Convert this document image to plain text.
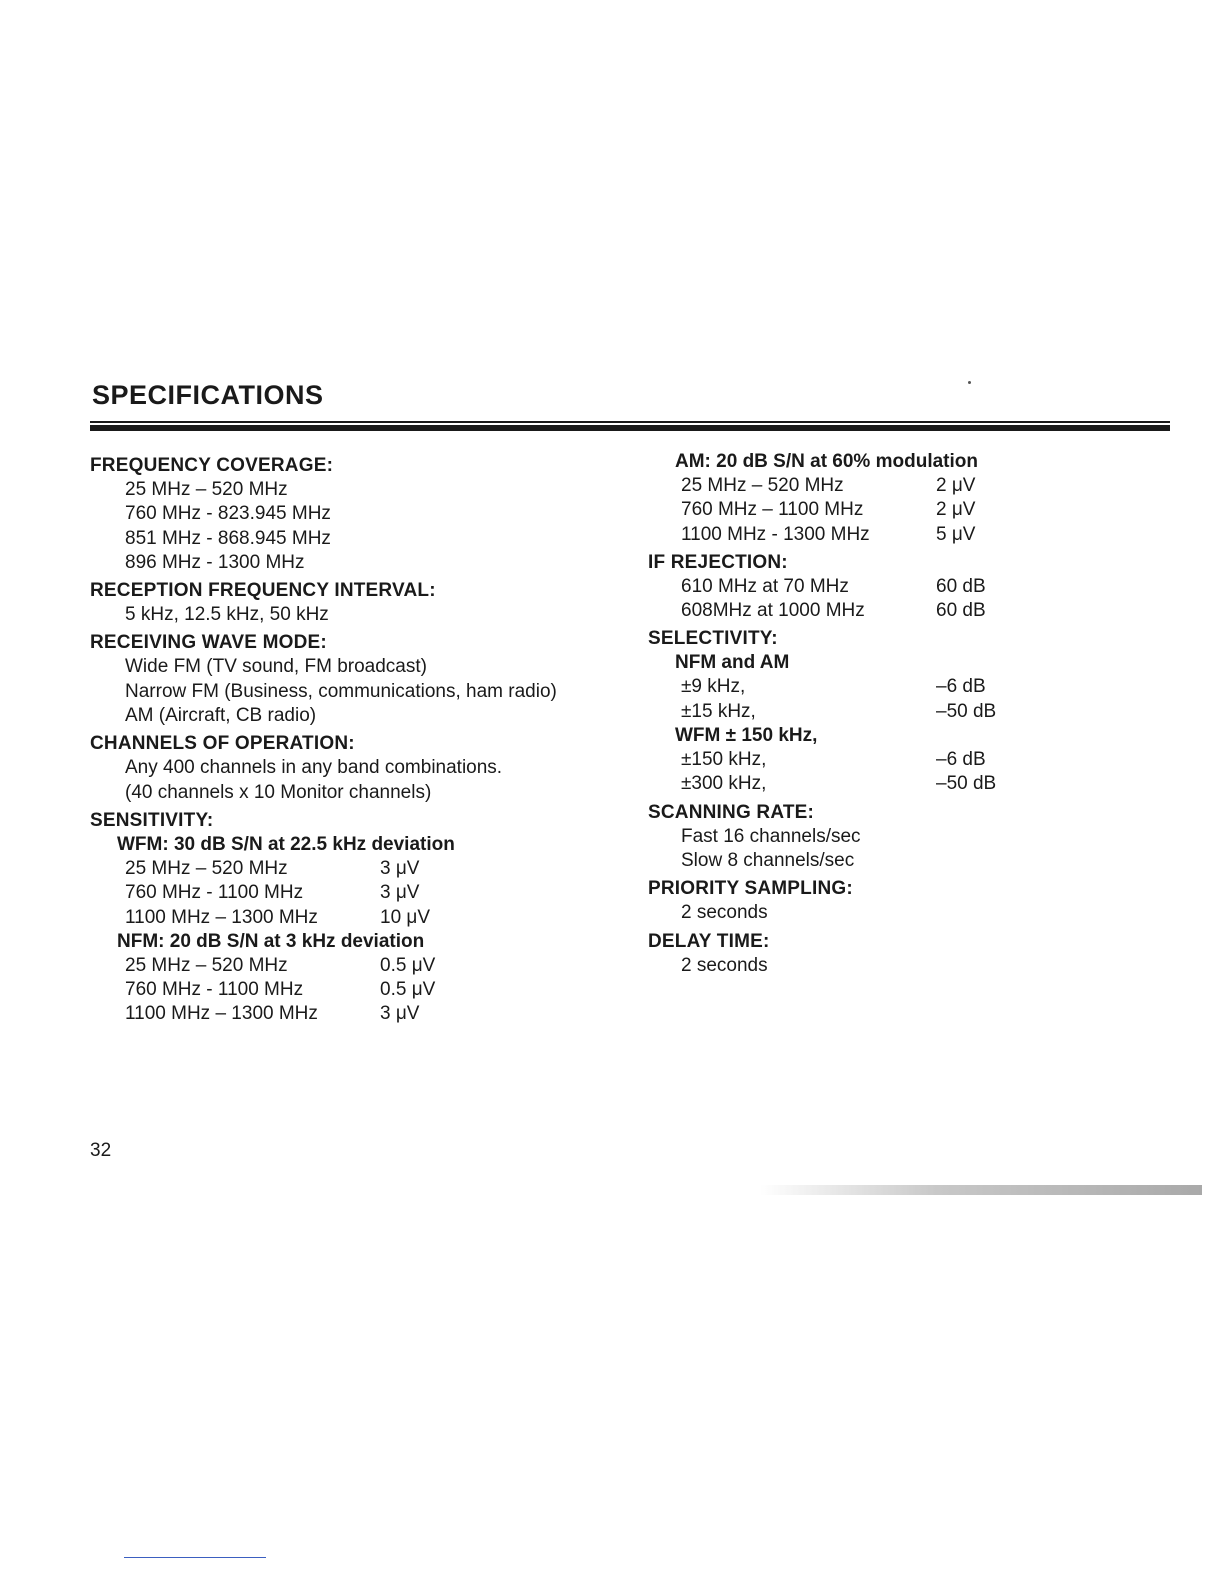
SPECIFICATIONS
FREQUENCY COVERAGE:
25 MHz – 520 MHz
760 MHz - 823.945 MHz
851 MHz - 868.945 MHz
896 MHz - 1300 MHz
RECEPTION FREQUENCY INTERVAL:
5 kHz, 12.5 kHz, 50 kHz
RECEIVING WAVE MODE:
Wide FM (TV sound, FM broadcast)
Narrow FM (Business, communications, ham radio)
AM (Aircraft, CB radio)
CHANNELS OF OPERATION:
Any 400 channels in any band combinations.
(40 channels x 10 Monitor channels)
SENSITIVITY:
WFM: 30 dB S/N at 22.5 kHz deviation
25 MHz – 520 MHz	3 μV
760 MHz - 1100 MHz	3 μV
1100 MHz – 1300 MHz	10 μV
NFM: 20 dB S/N at 3 kHz deviation
25 MHz – 520 MHz	0.5 μV
760 MHz - 1100 MHz	0.5 μV
1100 MHz – 1300 MHz	3 μV
AM: 20 dB S/N at 60% modulation
25 MHz – 520 MHz	2 μV
760 MHz – 1100 MHz	2 μV
1100 MHz - 1300 MHz	5 μV
IF REJECTION:
610 MHz at 70 MHz	60 dB
608MHz at 1000 MHz	60 dB
SELECTIVITY:
NFM and AM
±9 kHz,	–6 dB
±15 kHz,	–50 dB
WFM ± 150 kHz,
±150 kHz,	–6 dB
±300 kHz,	–50 dB
SCANNING RATE:
Fast 16 channels/sec
Slow 8 channels/sec
PRIORITY SAMPLING:
2 seconds
DELAY TIME:
2 seconds
32
